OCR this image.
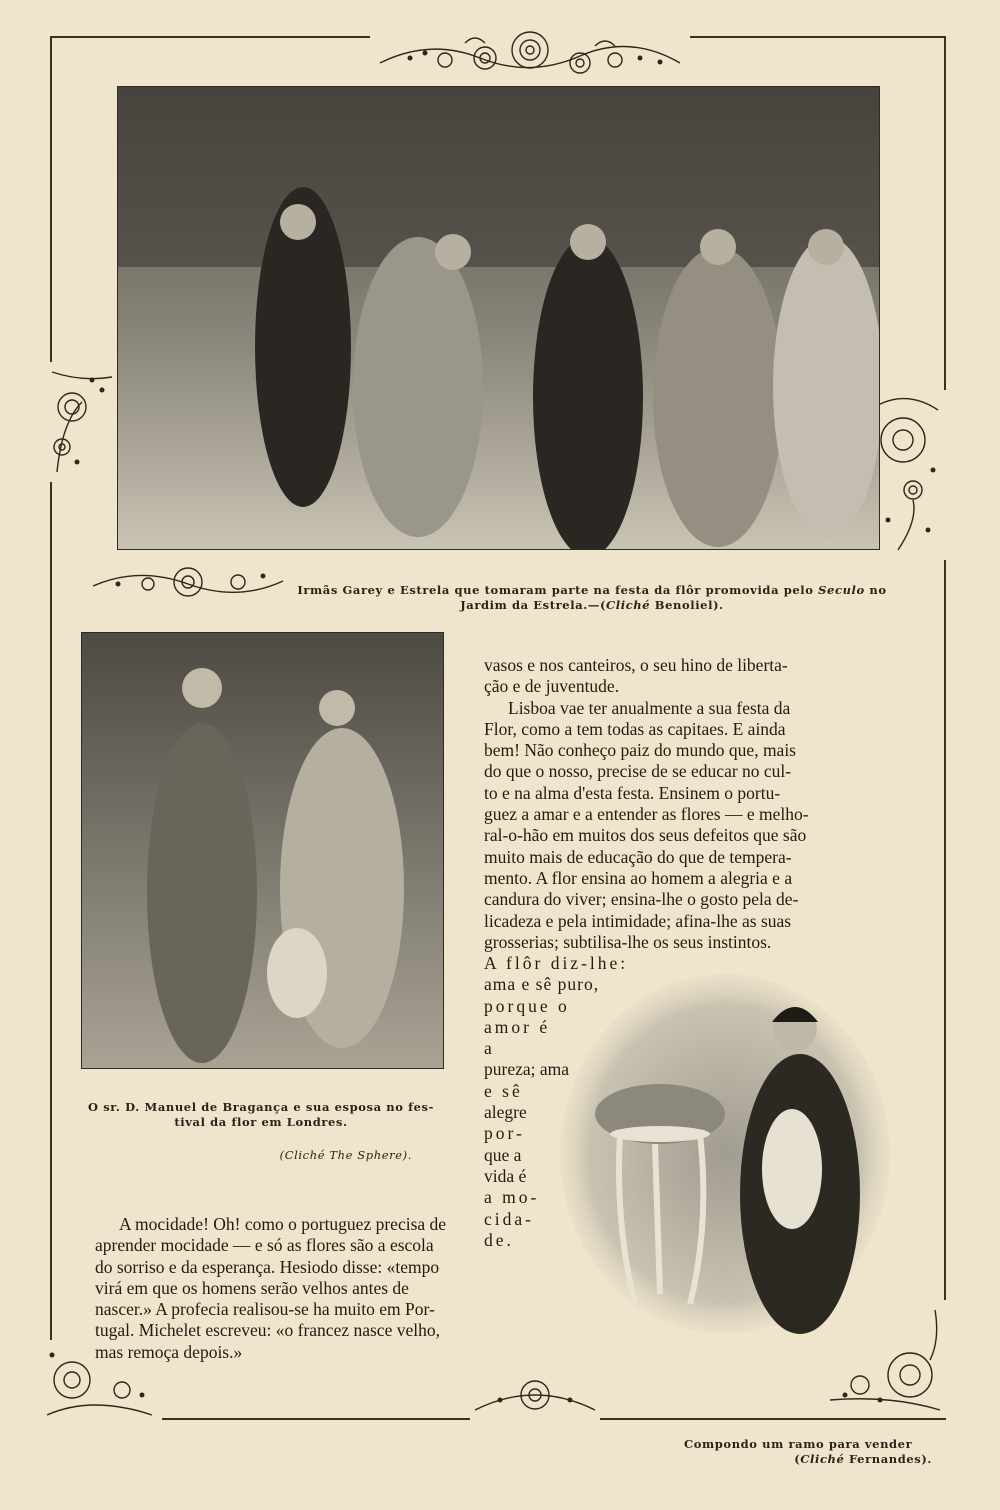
Irmãs Garey e Estrela que tomaram parte na festa da flôr promovida pelo Seculo no
Jardim da Estrela.—(Cliché Benoliel).
O sr. D. Manuel de Bragança e sua esposa no fes-
tival da flor em Londres.
(Cliché The Sphere).
Compondo um ramo para vender
(Cliché Fernandes).
vasos e nos canteiros, o seu hino de liberta-
ção e de juventude.
Lisboa vae ter anualmente a sua festa da
Flor, como a tem todas as capitaes. E ainda
bem! Não conheço paiz do mundo que, mais
do que o nosso, precise de se educar no cul-
to e na alma d'esta festa. Ensinem o portu-
guez a amar e a entender as flores — e melho-
ral-o-hão em muitos dos seus defeitos que são
muito mais de educação do que de tempera-
mento. A flor ensina ao homem a alegria e a
candura do viver; ensina-lhe o gosto pela de-
licadeza e pela intimidade; afina-lhe as suas
grosserias; subtilisa-lhe os seus instintos.
A flôr diz-lhe:
ama e sê puro,
porque o
amor é
a
pureza; ama
e sê
alegre
por-
que a
vida é
a mo-
cida-
de.
A mocidade! Oh! como o portuguez precisa de
aprender mocidade — e só as flores são a escola
do sorriso e da esperança. Hesiodo disse: «tempo
virá em que os homens serão velhos antes de
nascer.» A profecia realisou-se ha muito em Por-
tugal. Michelet escreveu: «o francez nasce velho,
mas remoça depois.»
